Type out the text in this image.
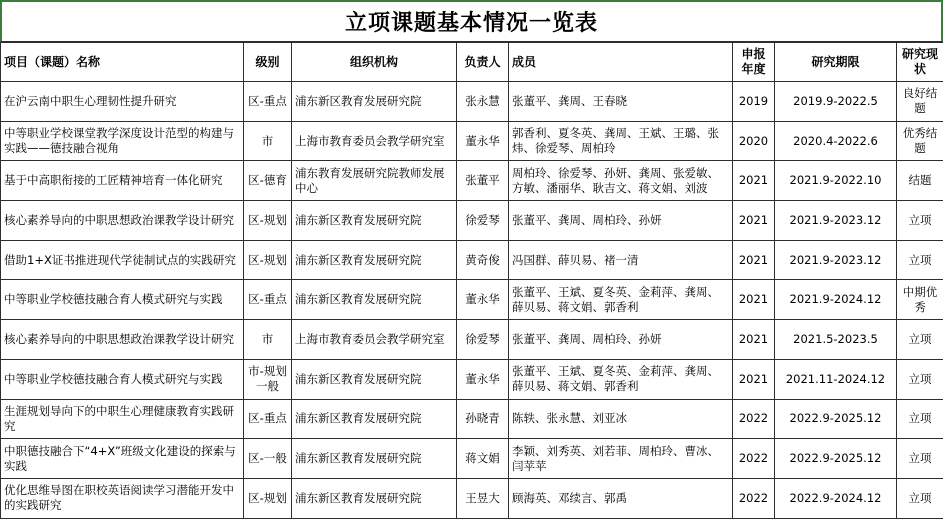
立项课题基本情况一览表
项目（课题）名称	级别	组织机构	负责人	成员	申报年度	研究期限	研究现状
在沪云南中职生心理韧性提升研究	区-重点	浦东新区教育发展研究院	张永慧	张董平、龚周、王春晓	2019	2019.9-2022.5	良好结题
中等职业学校课堂教学深度设计范型的构建与实践——德技融合视角	市	上海市教育委员会教学研究室	董永华	郭香利、夏冬英、龚周、王斌、王璐、张炜、徐爱琴、周柏玲	2020	2020.4-2022.6	优秀结题
基于中高职衔接的工匠精神培育一体化研究	区-德育	浦东教育发展研究院教师发展中心	张董平	周柏玲、徐爱琴、孙妍、龚周、张爱敏、方敏、潘丽华、耿吉文、蒋文娟、刘波	2021	2021.9-2022.10	结题
核心素养导向的中职思想政治课教学设计研究	区-规划	浦东新区教育发展研究院	徐爱琴	张董平、龚周、周柏玲、孙妍	2021	2021.9-2023.12	立项
借助1+X证书推进现代学徒制试点的实践研究	区-规划	浦东新区教育发展研究院	黄奇俊	冯国群、薛贝易、褚一清	2021	2021.9-2023.12	立项
中等职业学校德技融合育人模式研究与实践	区-重点	浦东新区教育发展研究院	董永华	张董平、王斌、夏冬英、金莉萍、龚周、薛贝易、蒋文娟、郭香利	2021	2021.9-2024.12	中期优秀
核心素养导向的中职思想政治课教学设计研究	市	上海市教育委员会教学研究室	徐爱琴	张董平、龚周、周柏玲、孙妍	2021	2021.5-2023.5	立项
中等职业学校德技融合育人模式研究与实践	市-规划一般	浦东新区教育发展研究院	董永华	张董平、王斌、夏冬英、金莉萍、龚周、薛贝易、蒋文娟、郭香利	2021	2021.11-2024.12	立项
生涯规划导向下的中职生心理健康教育实践研究	区-重点	浦东新区教育发展研究院	孙晓青	陈轶、张永慧、刘亚冰	2022	2022.9-2025.12	立项
中职德技融合下“4+X”班级文化建设的探索与实践	区-一般	浦东新区教育发展研究院	蒋文娟	李颖、刘秀英、刘若菲、周柏玲、曹冰、闫苹苹	2022	2022.9-2025.12	立项
优化思维导图在职校英语阅读学习潜能开发中的实践研究	区-规划	浦东新区教育发展研究院	王昱大	顾海英、邓续言、郭禹	2022	2022.9-2024.12	立项
